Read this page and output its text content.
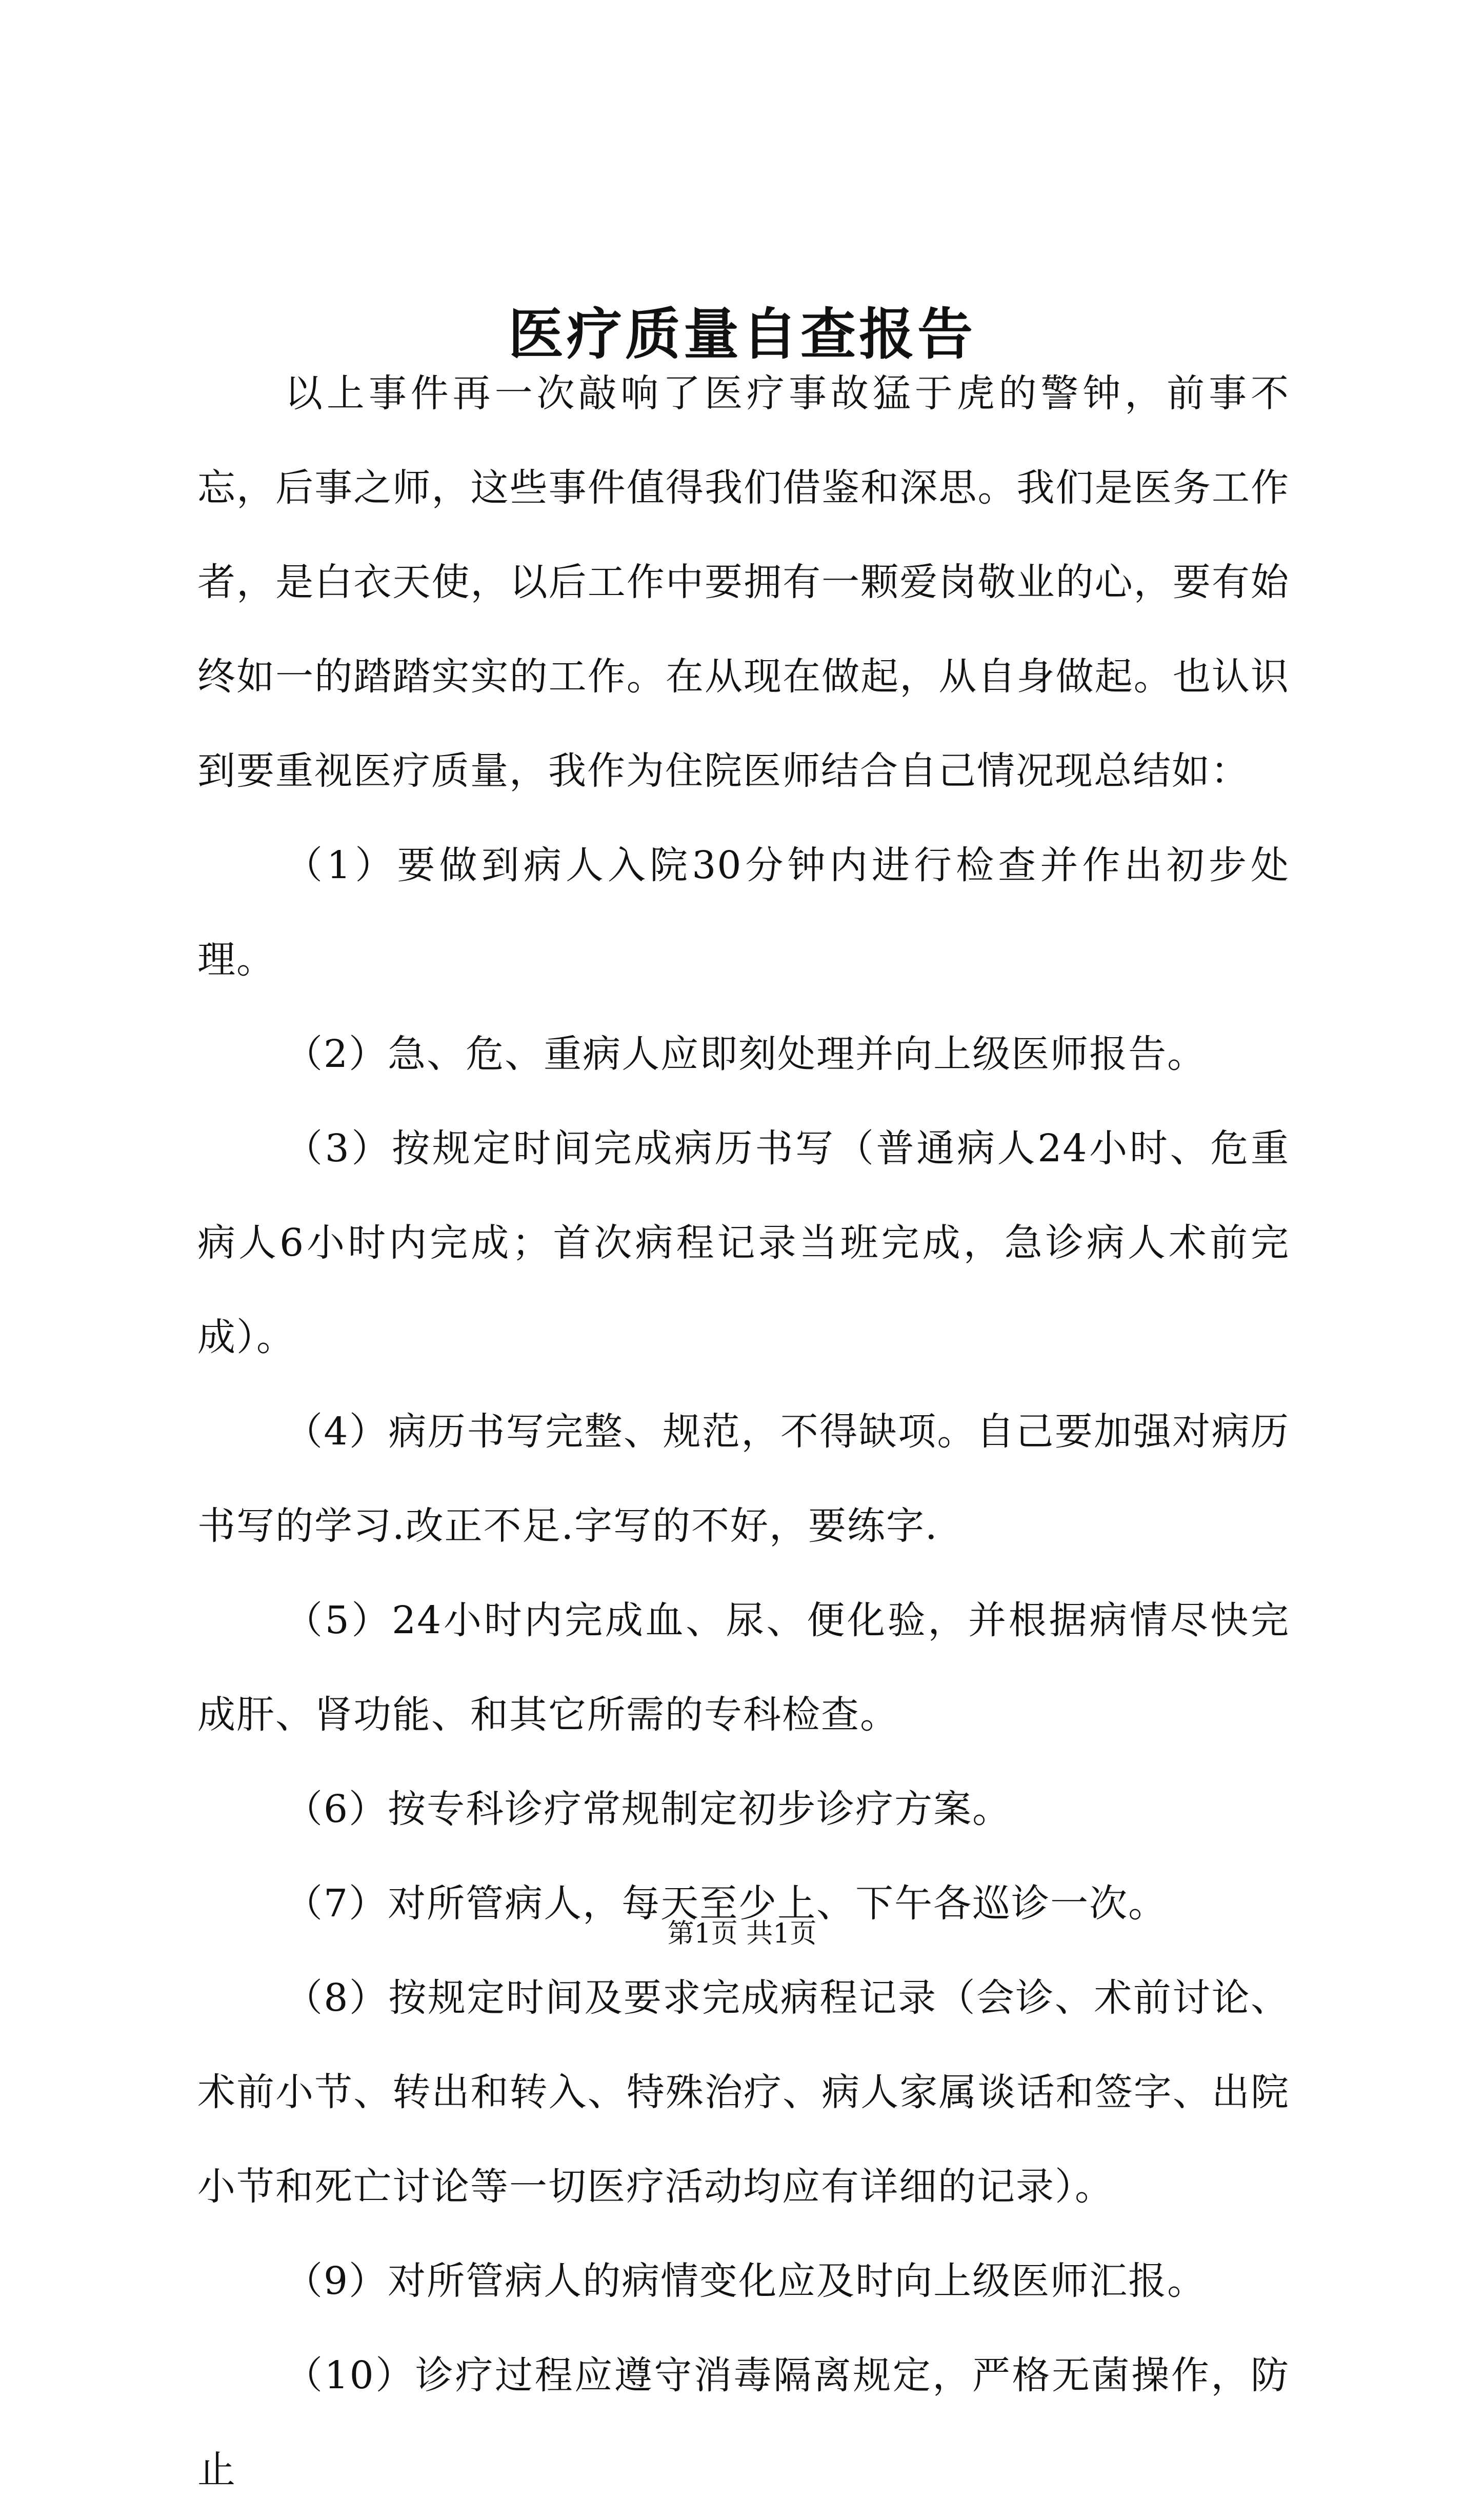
医疗质量自查报告

以上事件再一次敲响了医疗事故猛于虎的警钟，前事不忘，后事之师，这些事件值得我们借鉴和深思。我们是医务工作者，是白衣天使，以后工作中要拥有一颗爱岗敬业的心，要有始终如一的踏踏实实的工作。在从现在做起，从自身做起。也认识到要重视医疗质量，我作为住院医师结合自己情况现总结如：

（1）要做到病人入院30分钟内进行检查并作出初步处理。

（2）急、危、重病人应即刻处理并向上级医师报告。

（3）按规定时间完成病历书写（普通病人24小时、危重病人6小时内完成；首次病程记录当班完成，急诊病人术前完成）。

（4）病历书写完整、规范，不得缺项。自己要加强对病历书写的学习.改正不足.字写的不好，要练字.

（5）24小时内完成血、尿、便化验，并根据病情尽快完成肝、肾功能、和其它所需的专科检查。

（6）按专科诊疗常规制定初步诊疗方案。

（7）对所管病人，每天至少上、下午各巡诊一次。

（8）按规定时间及要求完成病程记录（会诊、术前讨论、术前小节、转出和转入、特殊治疗、病人家属谈话和签字、出院小节和死亡讨论等一切医疗活动均应有详细的记录）。

（9）对所管病人的病情变化应及时向上级医师汇报。

（10）诊疗过程应遵守消毒隔离规定，严格无菌操作，防止

第1页 共1页
